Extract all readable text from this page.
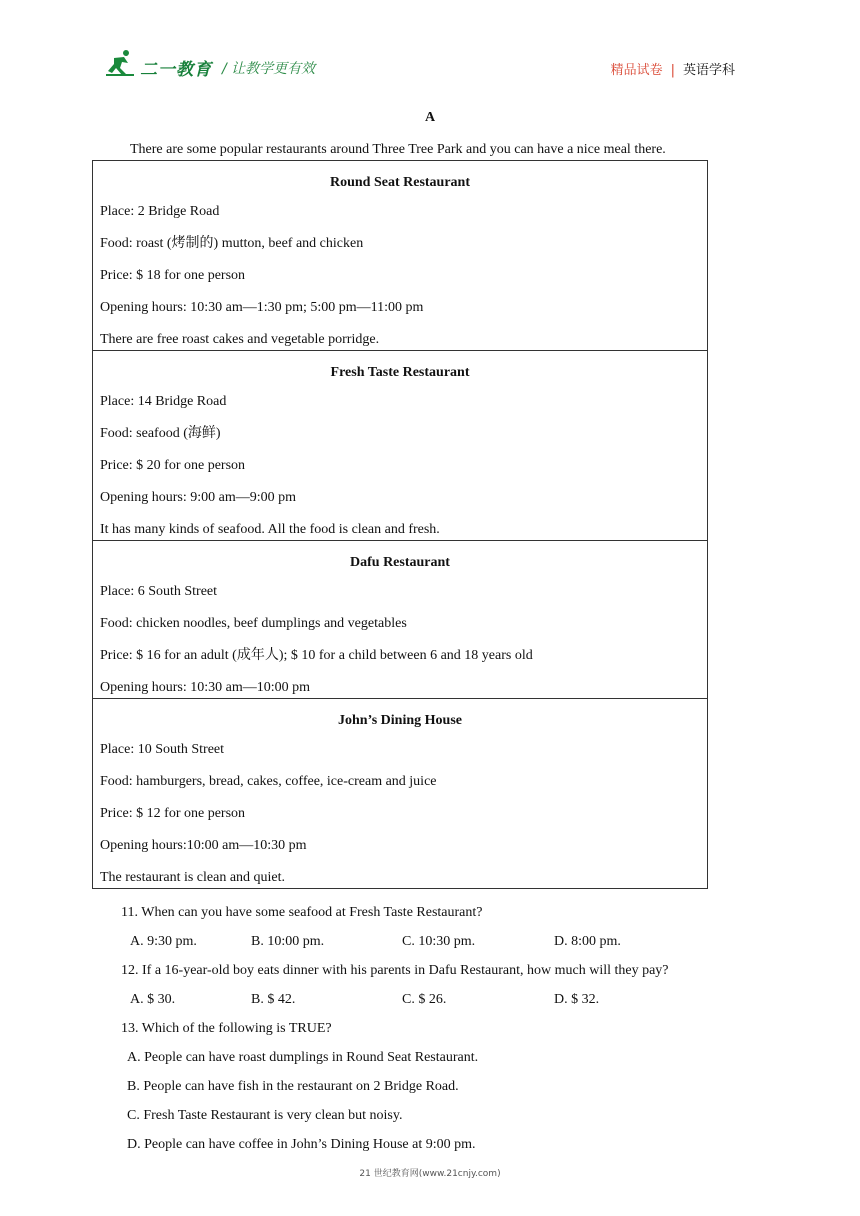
二一教育 / 让教学更有效	精品试卷 | 英语学科
A
There are some popular restaurants around Three Tree Park and you can have a nice meal there.
Round Seat Restaurant
Place: 2 Bridge Road
Food: roast (烤制的) mutton, beef and chicken
Price: $ 18 for one person
Opening hours: 10:30 am—1:30 pm; 5:00 pm—11:00 pm
There are free roast cakes and vegetable porridge.
Fresh Taste Restaurant
Place: 14 Bridge Road
Food: seafood (海鲜)
Price: $ 20 for one person
Opening hours: 9:00 am—9:00 pm
It has many kinds of seafood. All the food is clean and fresh.
Dafu Restaurant
Place: 6 South Street
Food: chicken noodles, beef dumplings and vegetables
Price: $ 16 for an adult (成年人); $ 10 for a child between 6 and 18 years old
Opening hours: 10:30 am—10:00 pm
John’s Dining House
Place: 10 South Street
Food: hamburgers, bread, cakes, coffee, ice-cream and juice
Price: $ 12 for one person
Opening hours:10:00 am—10:30 pm
The restaurant is clean and quiet.
11. When can you have some seafood at Fresh Taste Restaurant?
A. 9:30 pm.	B. 10:00 pm.	C. 10:30 pm.	D. 8:00 pm.
12. If a 16-year-old boy eats dinner with his parents in Dafu Restaurant, how much will they pay?
A. $ 30.	B. $ 42.	C. $ 26.	D. $ 32.
13. Which of the following is TRUE?
A. People can have roast dumplings in Round Seat Restaurant.
B. People can have fish in the restaurant on 2 Bridge Road.
C. Fresh Taste Restaurant is very clean but noisy.
D. People can have coffee in John’s Dining House at 9:00 pm.
21 世纪教育网(www.21cnjy.com)
